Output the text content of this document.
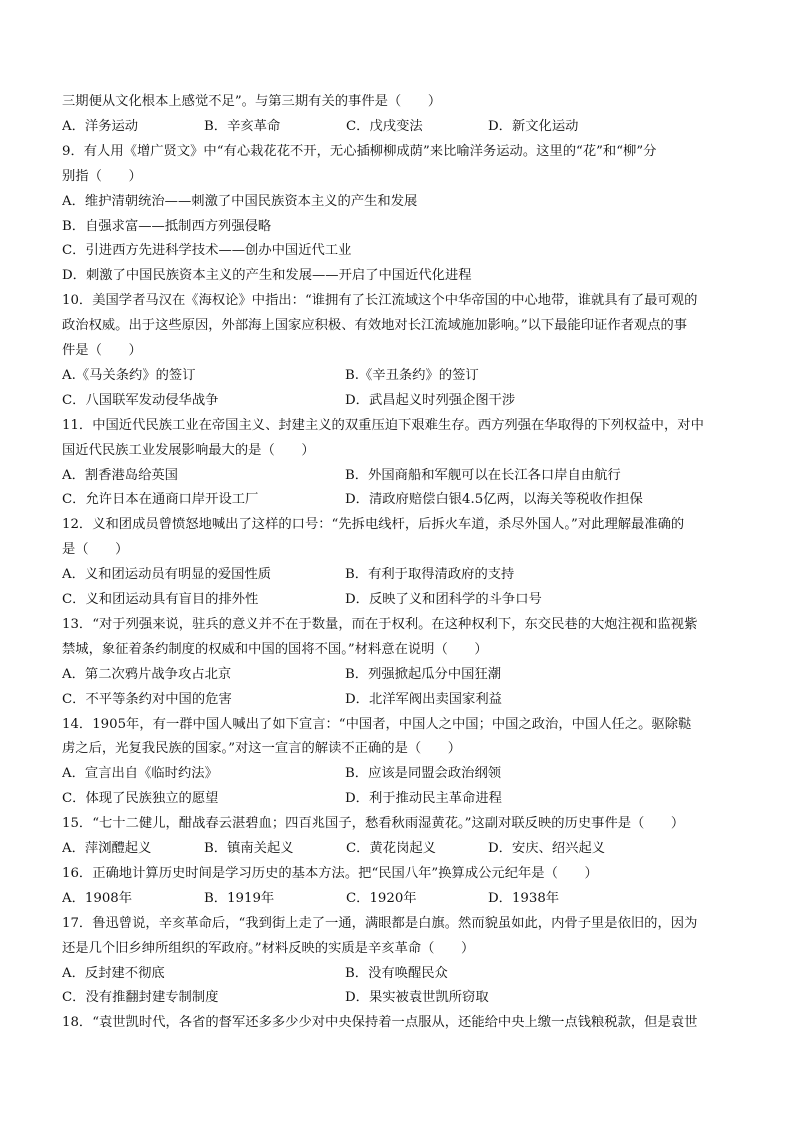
三期便从文化根本上感觉不足”。与第三期有关的事件是（　　）
A．洋务运动	B．辛亥革命	C．戊戌变法	D．新文化运动
9．有人用《增广贤文》中“有心栽花花不开，无心插柳柳成荫”来比喻洋务运动。这里的“花”和“柳”分
别指（　　）
A．维护清朝统治——刺激了中国民族资本主义的产生和发展
B．自强求富——抵制西方列强侵略
C．引进西方先进科学技术——创办中国近代工业
D．刺激了中国民族资本主义的产生和发展——开启了中国近代化进程
10．美国学者马汉在《海权论》中指出：“谁拥有了长江流域这个中华帝国的中心地带，谁就具有了最可观的
政治权威。出于这些原因，外部海上国家应积极、有效地对长江流域施加影响。”以下最能印证作者观点的事
件是（　　）
A.《马关条约》的签订	B.《辛丑条约》的签订
C．八国联军发动侵华战争	D．武昌起义时列强企图干涉
11．中国近代民族工业在帝国主义、封建主义的双重压迫下艰难生存。西方列强在华取得的下列权益中，对中
国近代民族工业发展影响最大的是（　　）
A．割香港岛给英国	B．外国商船和军舰可以在长江各口岸自由航行
C．允许日本在通商口岸开设工厂	D．清政府赔偿白银4.5亿两，以海关等税收作担保
12．义和团成员曾愤怒地喊出了这样的口号：“先拆电线杆，后拆火车道，杀尽外国人。”对此理解最准确的
是（　　）
A．义和团运动员有明显的爱国性质	B．有利于取得清政府的支持
C．义和团运动具有盲目的排外性	D．反映了义和团科学的斗争口号
13．“对于列强来说，驻兵的意义并不在于数量，而在于权利。在这种权利下，东交民巷的大炮注视和监视紫
禁城，象征着条约制度的权威和中国的国将不国。”材料意在说明（　　）
A．第二次鸦片战争攻占北京	B．列强掀起瓜分中国狂潮
C．不平等条约对中国的危害	D．北洋军阀出卖国家利益
14．1905年，有一群中国人喊出了如下宣言：“中国者，中国人之中国；中国之政治，中国人任之。驱除鞑
虏之后，光复我民族的国家。”对这一宣言的解读不正确的是（　　）
A．宣言出自《临时约法》	B．应该是同盟会政治纲领
C．体现了民族独立的愿望	D．利于推动民主革命进程
15．“七十二健儿，酣战春云湛碧血；四百兆国子，愁看秋雨湿黄花。”这副对联反映的历史事件是（　　）
A．萍浏醴起义	B．镇南关起义	C．黄花岗起义	D．安庆、绍兴起义
16．正确地计算历史时间是学习历史的基本方法。把“民国八年”换算成公元纪年是（　　）
A．1908年	B．1919年	C．1920年	D．1938年
17．鲁迅曾说，辛亥革命后，“我到街上走了一通，满眼都是白旗。然而貌虽如此，内骨子里是依旧的，因为
还是几个旧乡绅所组织的军政府。”材料反映的实质是辛亥革命（　　）
A．反封建不彻底	B．没有唤醒民众
C．没有推翻封建专制制度	D．果实被袁世凯所窃取
18．“袁世凯时代，各省的督军还多多少少对中央保持着一点服从，还能给中央上缴一点钱粮税款，但是袁世
